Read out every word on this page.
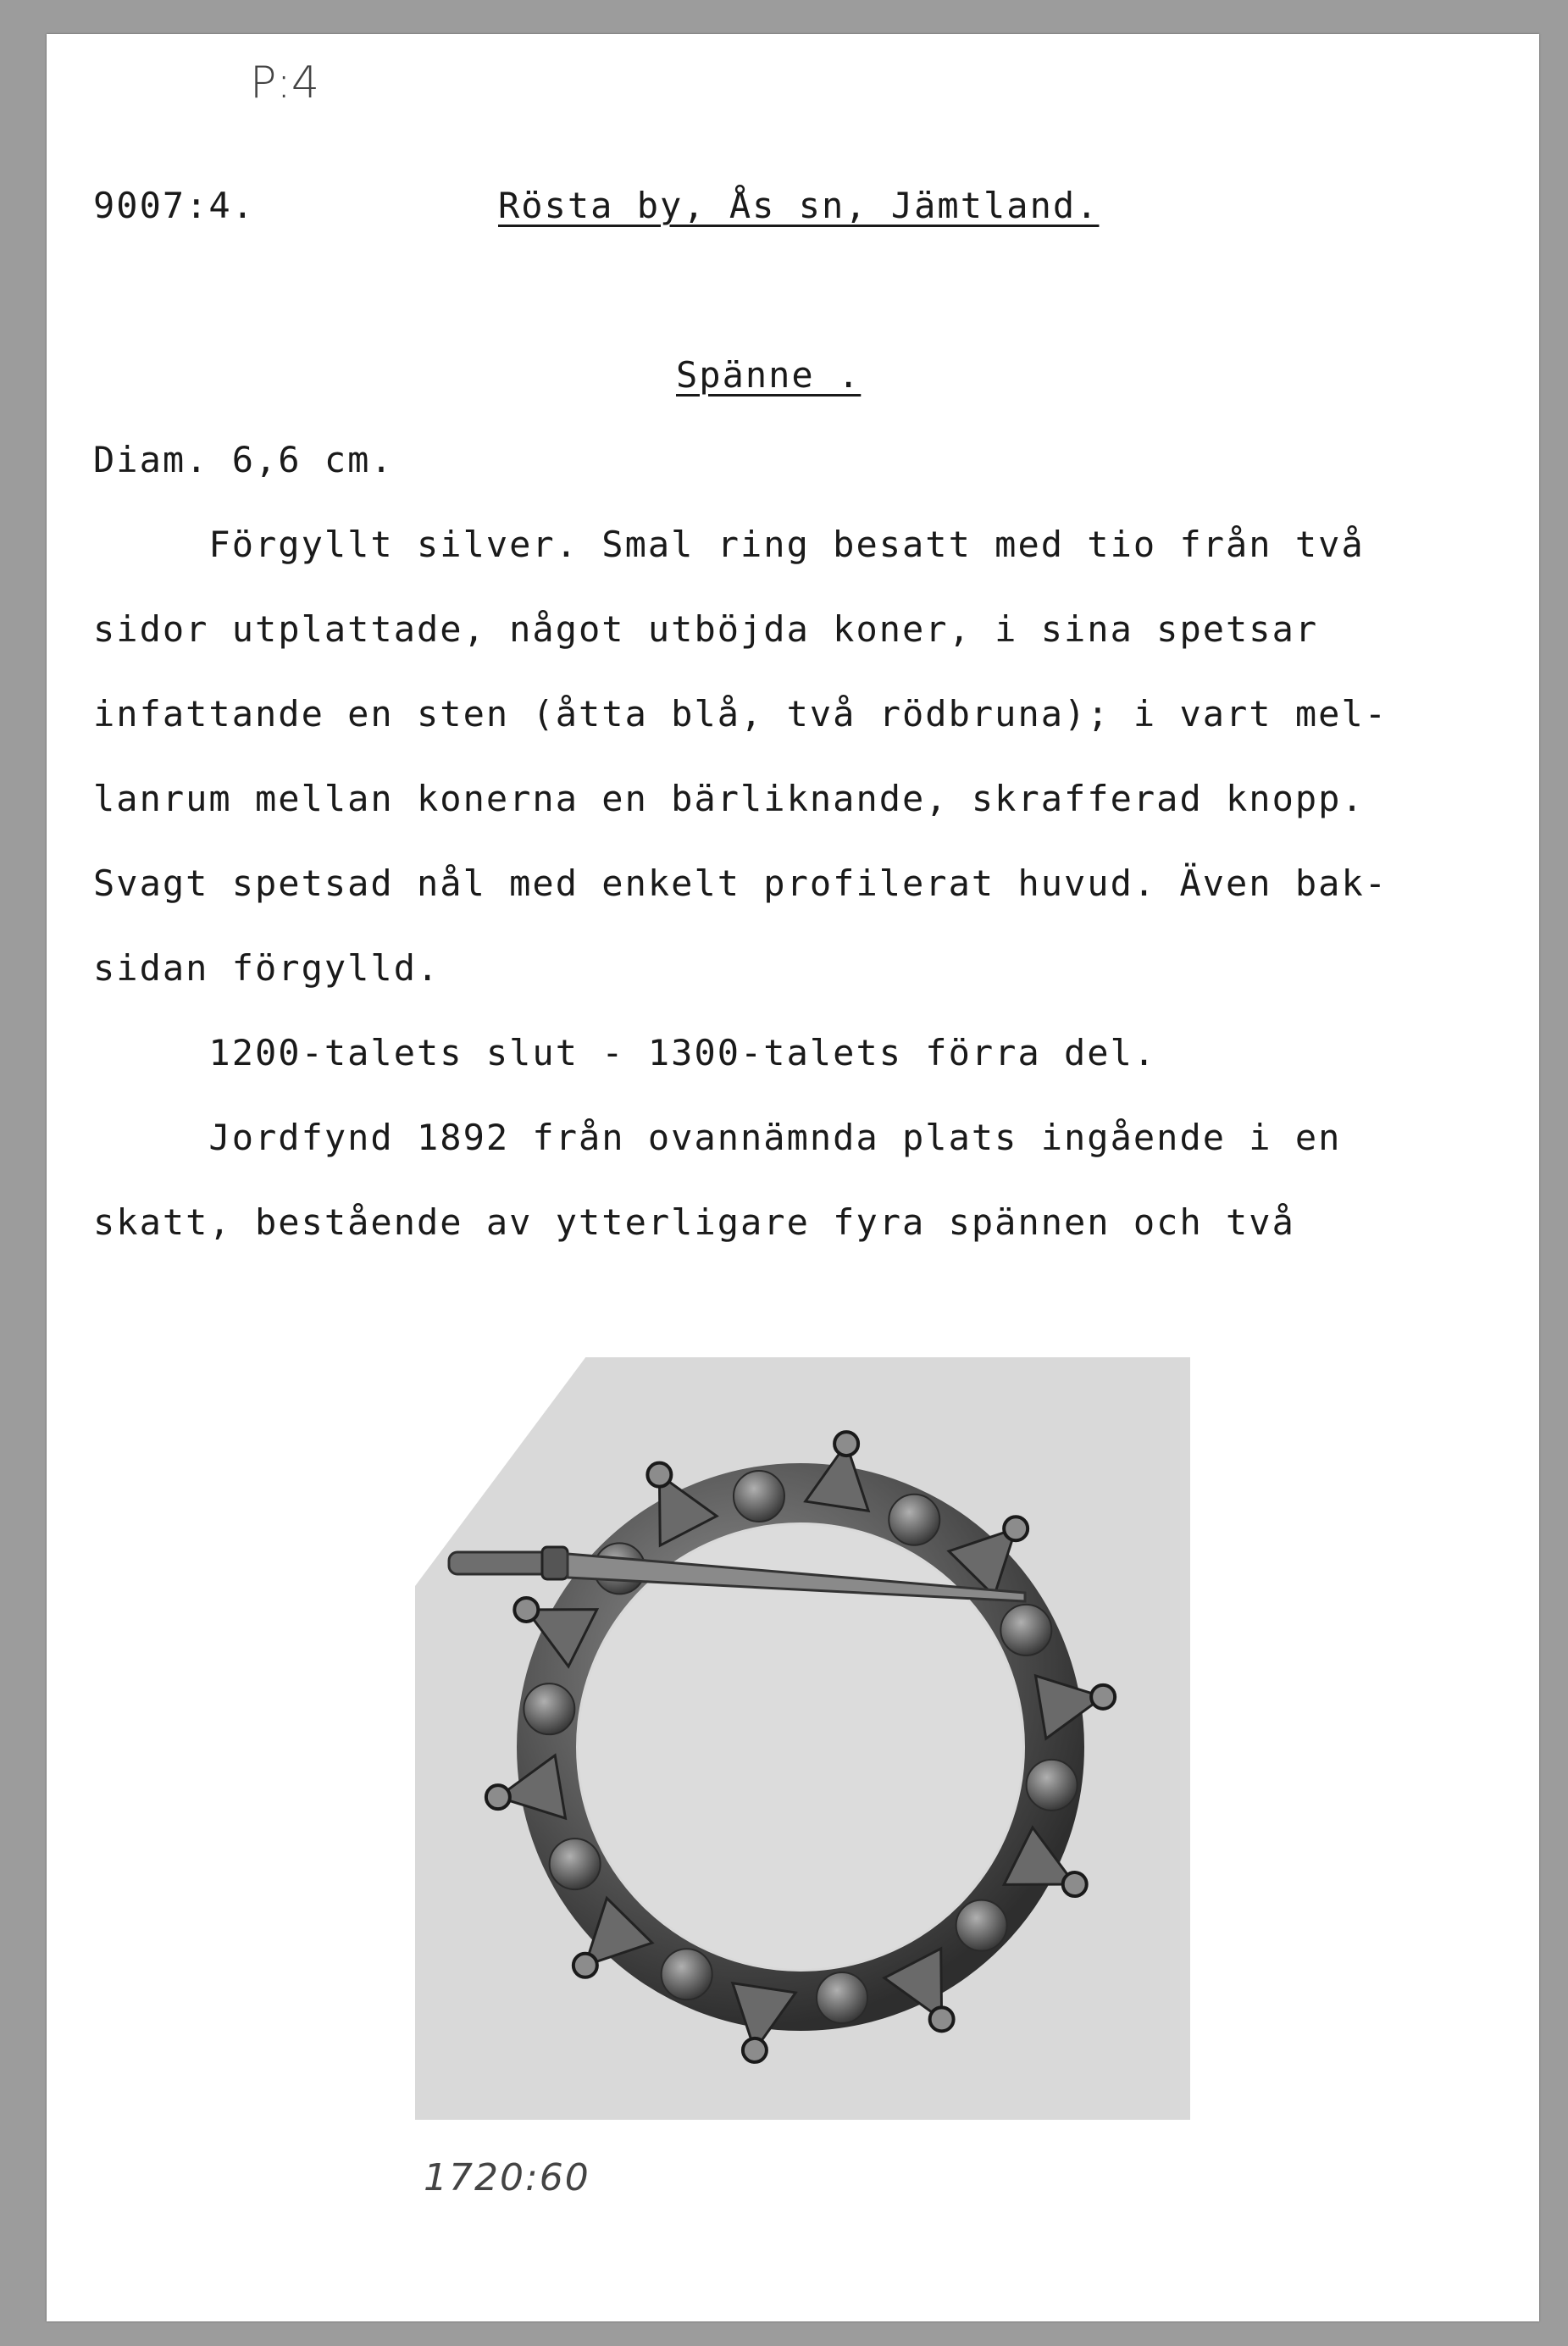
P:4
9007:4.	Rösta by, Ås sn, Jämtland.
Spänne .
Diam. 6,6 cm.
Förgyllt silver. Smal ring besatt med tio från två
sidor utplattade, något utböjda koner, i sina spetsar
infattande en sten (åtta blå, två rödbruna); i vart mel-
lanrum mellan konerna en bärliknande, skrafferad knopp.
Svagt spetsad nål med enkelt profilerat huvud. Även bak-
sidan förgylld.
1200-talets slut - 1300-talets förra del.
Jordfynd 1892 från ovannämnda plats ingående i en
skatt, bestående av ytterligare fyra spännen och två
1720:60
